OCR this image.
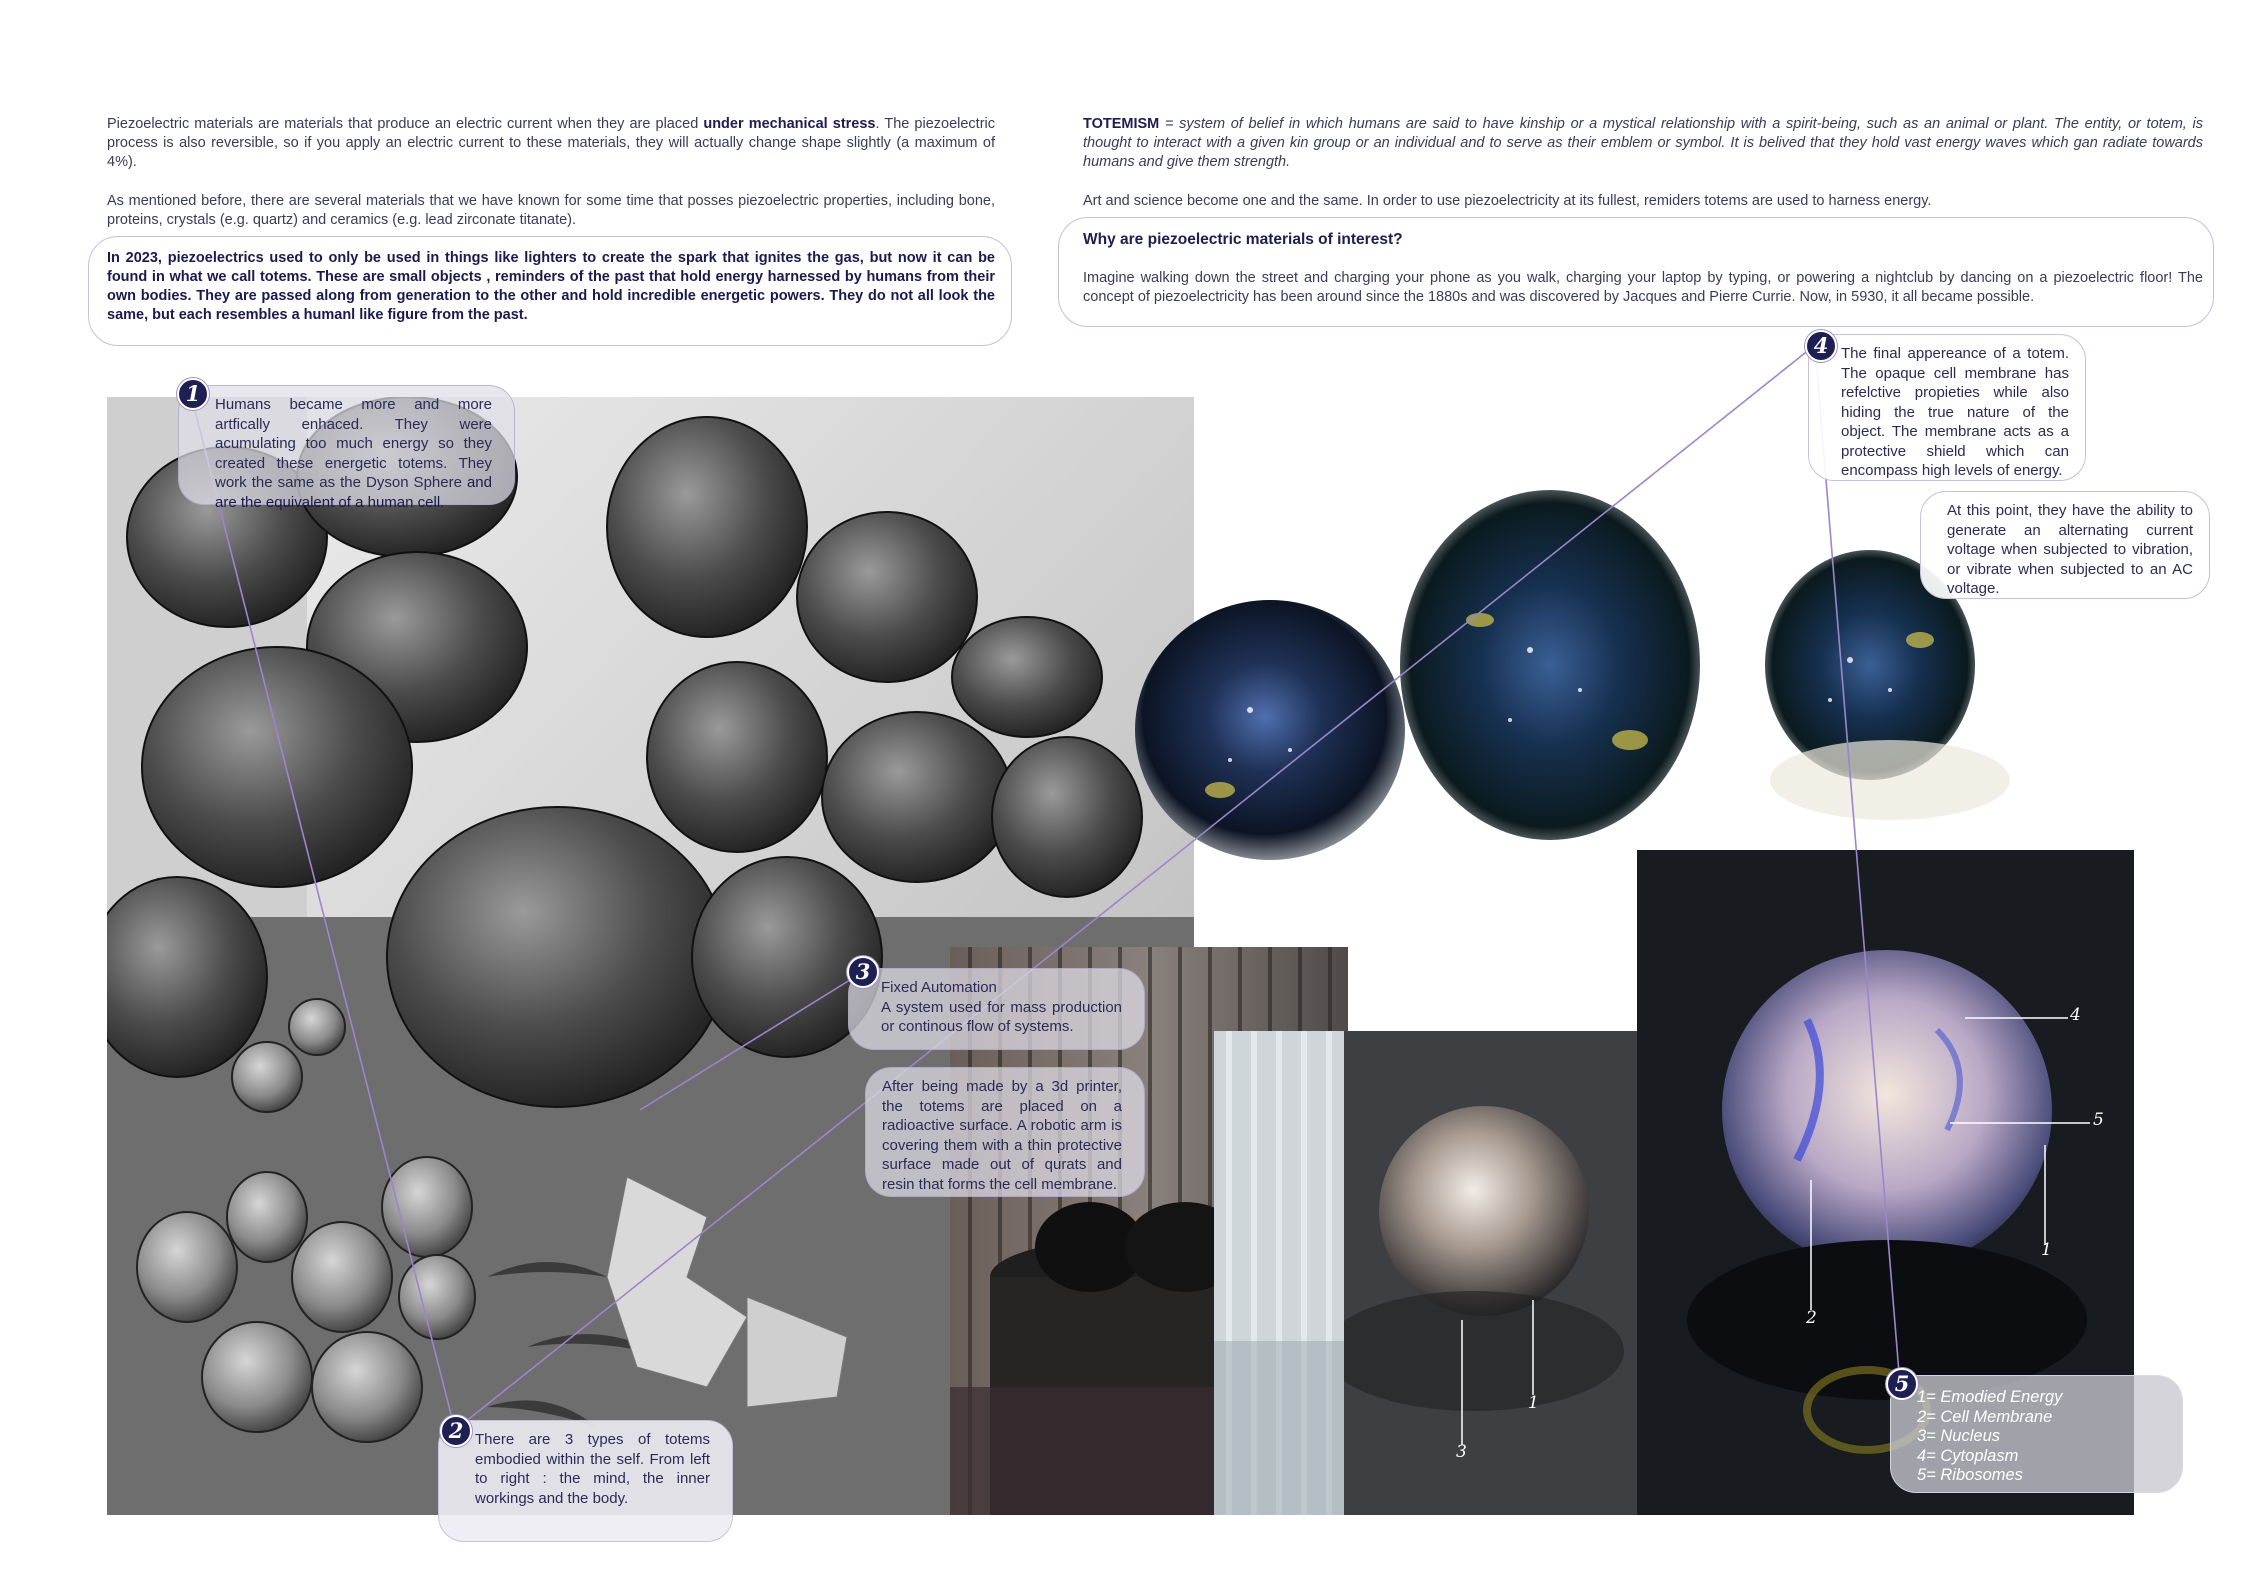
Piezoelectric materials are materials that produce an electric current when they are placed under mechanical stress. The piezoelectric process is also reversible, so if you apply an electric current to these materials, they will actually change shape slightly (a maximum of 4%).
As mentioned before, there are several materials that we have known for some time that posses piezoelectric properties, including bone, proteins, crystals (e.g. quartz) and ceramics (e.g. lead zirconate titanate).
In 2023, piezoelectrics used to only be used in things like lighters to create the spark that ignites the gas, but now it can be found in what we call totems. These are small objects , reminders of the past that hold energy harnessed by humans from their own bodies. They are passed along from generation to the other and hold incredible energetic powers. They do not all look the same, but each resembles a humanl like figure from the past.
TOTEMISM = system of belief in which humans are said to have kinship or a mystical relationship with a spirit-being, such as an animal or plant. The entity, or totem, is thought to interact with a given kin group or an individual and to serve as their emblem or symbol. It is belived that they hold vast energy waves which gan radiate towards humans and give them strength.
Art and science become one and the same. In order to use piezoelectricity at its fullest, remiders totems are used to harness energy.
Why are piezoelectric materials of interest?
Imagine walking down the street and charging your phone as you walk, charging your laptop by typing, or powering a nightclub by dancing on a piezoelectric floor! The concept of piezoelectricity has been around since the 1880s and was discovered by Jacques and Pierre Currie. Now, in 5930, it all became possible.
4
5
1
2
1
3
Humans became more and more artfically enhaced. They were acumulating too much energy so they created these energetic totems. They work the same as the Dyson Sphere and are the equivalent of a human cell.
1
There are 3 types of totems embodied within the self. From left to right : the mind, the inner workings and the body.
2
Fixed Automation
A system used for mass production or continous flow of systems.
3
After being made by a 3d printer, the totems are placed on a radioactive surface. A robotic arm is covering them with a thin protective surface made out of qurats and resin that forms the cell membrane.
The final appereance of a totem. The opaque cell membrane has refelctive propieties while also hiding the true nature of the object. The membrane acts as a protective shield which can encompass high levels of energy.
4
At this point, they have the ability to generate an alternating current voltage when subjected to vibration, or vibrate when subjected to an AC voltage.
1= Emodied Energy
2= Cell Membrane
3= Nucleus
4= Cytoplasm
5= Ribosomes
5
